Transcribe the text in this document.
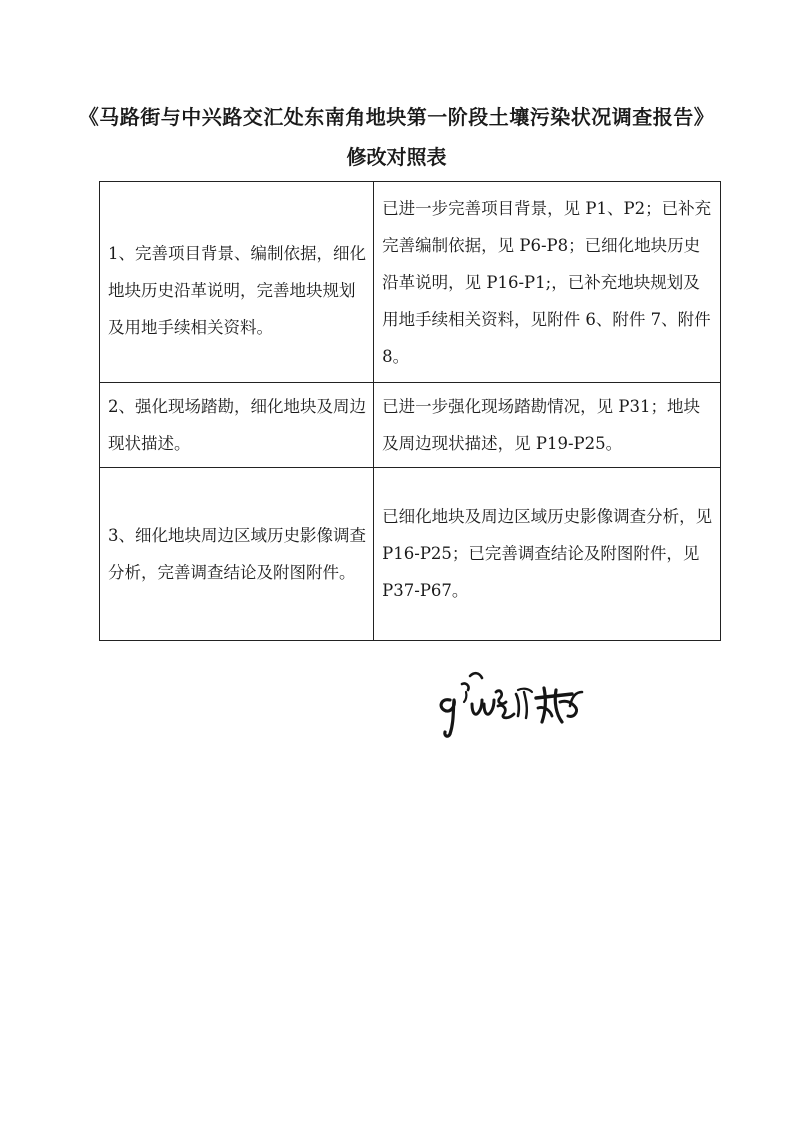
《马路街与中兴路交汇处东南角地块第一阶段土壤污染状况调查报告》
修改对照表
1、完善项目背景、编制依据，细化地块历史沿革说明，完善地块规划及用地手续相关资料。	已进一步完善项目背景，见 P1、P2；已补充完善编制依据，见 P6-P8；已细化地块历史沿革说明，见 P16-P1;，已补充地块规划及用地手续相关资料，见附件 6、附件 7、附件 8。
2、强化现场踏勘，细化地块及周边现状描述。	已进一步强化现场踏勘情况，见 P31；地块及周边现状描述，见 P19-P25。
3、细化地块周边区域历史影像调查分析，完善调查结论及附图附件。	已细化地块及周边区域历史影像调查分析，见 P16-P25；已完善调查结论及附图附件，见 P37-P67。
